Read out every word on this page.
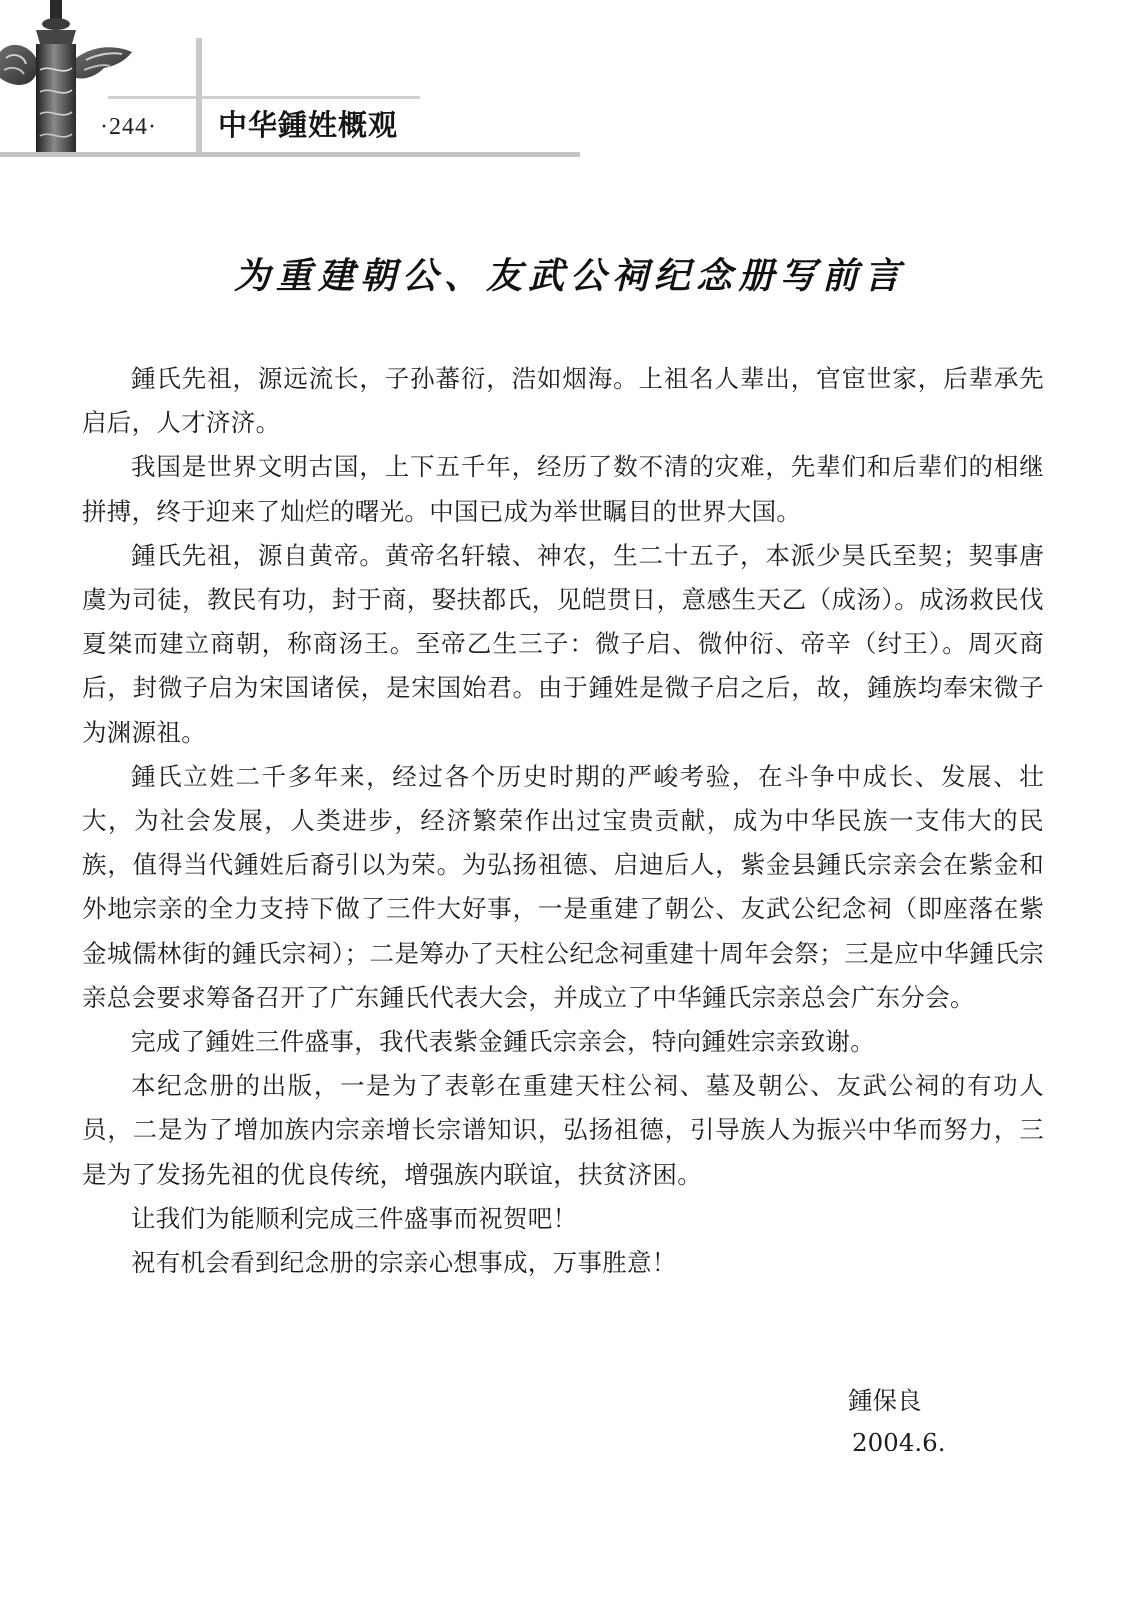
·244·	中华鍾姓概观
为重建朝公、友武公祠纪念册写前言

鍾氏先祖，源远流长，子孙蕃衍，浩如烟海。上祖名人辈出，官宦世家，后辈承先启后，人才济济。

我国是世界文明古国，上下五千年，经历了数不清的灾难，先辈们和后辈们的相继拼搏，终于迎来了灿烂的曙光。中国已成为举世瞩目的世界大国。

鍾氏先祖，源自黄帝。黄帝名轩辕、神农，生二十五子，本派少昊氏至契；契事唐虞为司徒，教民有功，封于商，娶扶都氏，见皑贯日，意感生天乙（成汤）。成汤救民伐夏桀而建立商朝，称商汤王。至帝乙生三子：微子启、微仲衍、帝辛（纣王）。周灭商后，封微子启为宋国诸侯，是宋国始君。由于鍾姓是微子启之后，故，鍾族均奉宋微子为渊源祖。

鍾氏立姓二千多年来，经过各个历史时期的严峻考验，在斗争中成长、发展、壮大，为社会发展，人类进步，经济繁荣作出过宝贵贡献，成为中华民族一支伟大的民族，值得当代鍾姓后裔引以为荣。为弘扬祖德、启迪后人，紫金县鍾氏宗亲会在紫金和外地宗亲的全力支持下做了三件大好事，一是重建了朝公、友武公纪念祠（即座落在紫金城儒林街的鍾氏宗祠）；二是筹办了天柱公纪念祠重建十周年会祭；三是应中华鍾氏宗亲总会要求筹备召开了广东鍾氏代表大会，并成立了中华鍾氏宗亲总会广东分会。

完成了鍾姓三件盛事，我代表紫金鍾氏宗亲会，特向鍾姓宗亲致谢。

本纪念册的出版，一是为了表彰在重建天柱公祠、墓及朝公、友武公祠的有功人员，二是为了增加族内宗亲增长宗谱知识，弘扬祖德，引导族人为振兴中华而努力，三是为了发扬先祖的优良传统，增强族内联谊，扶贫济困。

让我们为能顺利完成三件盛事而祝贺吧！

祝有机会看到纪念册的宗亲心想事成，万事胜意！

鍾保良
2004.6.
